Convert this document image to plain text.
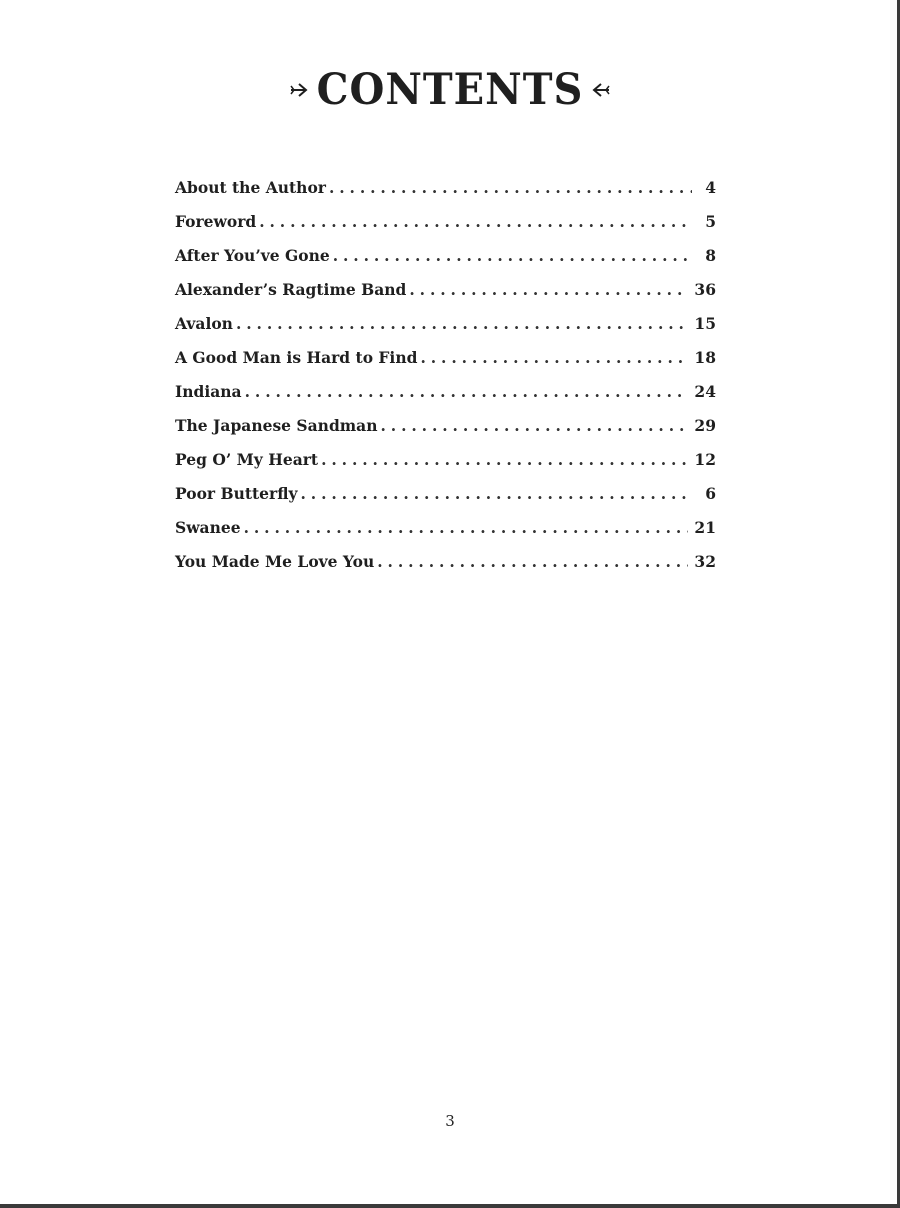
CONTENTS
About the Author . . .	4
Foreword . . .	5
After You’ve Gone . . .	8
Alexander’s Ragtime Band . . .	36
Avalon . . .	15
A Good Man is Hard to Find . . .	18
Indiana . . .	24
The Japanese Sandman . . .	29
Peg O’ My Heart . . .	12
Poor Butterfly . . .	6
Swanee . . .	21
You Made Me Love You . . .	32
3
